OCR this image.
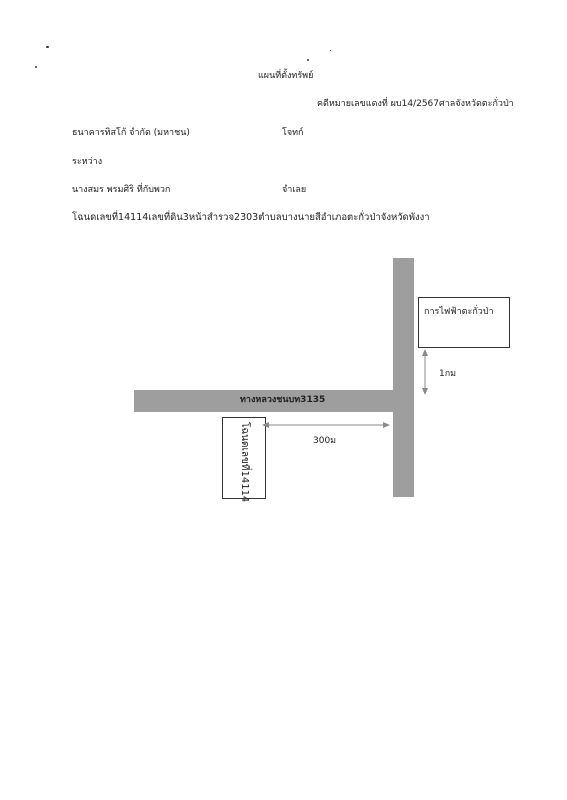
แผนที่ตั้งทรัพย์
คดีหมายเลขแดงที่ ผบ14/2567ศาลจังหวัดตะกั่วป่า
ธนาคารทิสโก้ จำกัด (มหาชน)	โจทก์
ระหว่าง
นางสมร พรมศิริ ที่กับพวก	จำเลย
โฉนดเลขที่14114เลขที่ดิน3หน้าสำรวจ2303ตำบลบางนายสีอำเภอตะกั่วป่าจังหวัดพังงา
ทางหลวงชนบท3135
การไฟฟ้าตะกั่วป่า
โฉนดเลขที่14114
1กม
300ม
